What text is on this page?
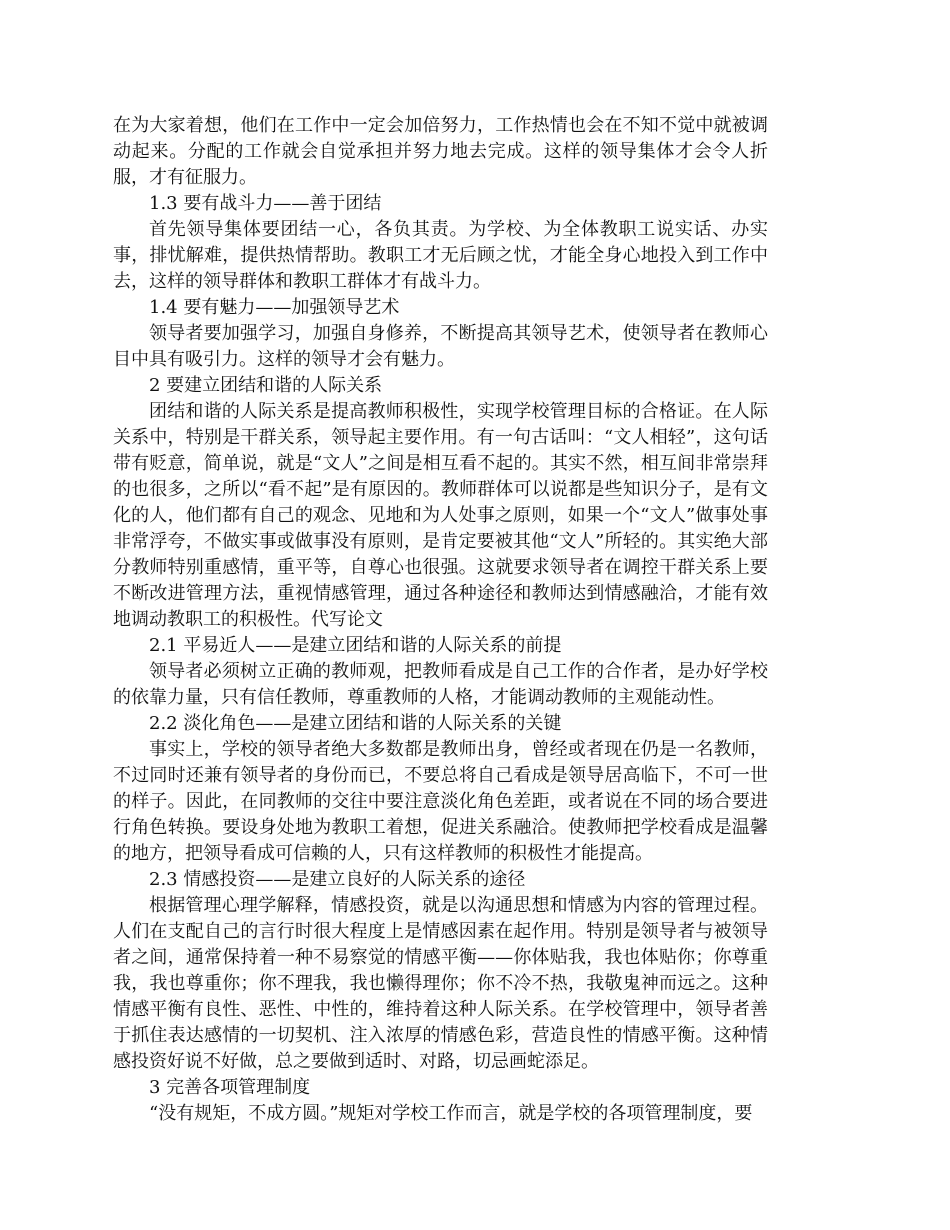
在为大家着想，他们在工作中一定会加倍努力，工作热情也会在不知不觉中就被调动起来。分配的工作就会自觉承担并努力地去完成。这样的领导集体才会令人折服，才有征服力。

1.3 要有战斗力——善于团结

首先领导集体要团结一心，各负其责。为学校、为全体教职工说实话、办实事，排忧解难，提供热情帮助。教职工才无后顾之忧，才能全身心地投入到工作中去，这样的领导群体和教职工群体才有战斗力。

1.4 要有魅力——加强领导艺术

领导者要加强学习，加强自身修养，不断提高其领导艺术，使领导者在教师心目中具有吸引力。这样的领导才会有魅力。

2 要建立团结和谐的人际关系

团结和谐的人际关系是提高教师积极性，实现学校管理目标的合格证。在人际关系中，特别是干群关系，领导起主要作用。有一句古话叫：“文人相轻”，这句话带有贬意，简单说，就是“文人”之间是相互看不起的。其实不然，相互间非常崇拜的也很多，之所以“看不起”是有原因的。教师群体可以说都是些知识分子，是有文化的人，他们都有自己的观念、见地和为人处事之原则，如果一个“文人”做事处事非常浮夸，不做实事或做事没有原则，是肯定要被其他“文人”所轻的。其实绝大部分教师特别重感情，重平等，自尊心也很强。这就要求领导者在调控干群关系上要不断改进管理方法，重视情感管理，通过各种途径和教师达到情感融洽，才能有效地调动教职工的积极性。代写论文

2.1 平易近人——是建立团结和谐的人际关系的前提

领导者必须树立正确的教师观，把教师看成是自己工作的合作者，是办好学校的依靠力量，只有信任教师，尊重教师的人格，才能调动教师的主观能动性。

2.2 淡化角色——是建立团结和谐的人际关系的关键

事实上，学校的领导者绝大多数都是教师出身，曾经或者现在仍是一名教师，不过同时还兼有领导者的身份而已，不要总将自己看成是领导居高临下，不可一世的样子。因此，在同教师的交往中要注意淡化角色差距，或者说在不同的场合要进行角色转换。要设身处地为教职工着想，促进关系融洽。使教师把学校看成是温馨的地方，把领导看成可信赖的人，只有这样教师的积极性才能提高。

2.3 情感投资——是建立良好的人际关系的途径

根据管理心理学解释，情感投资，就是以沟通思想和情感为内容的管理过程。人们在支配自己的言行时很大程度上是情感因素在起作用。特别是领导者与被领导者之间，通常保持着一种不易察觉的情感平衡——你体贴我，我也体贴你；你尊重我，我也尊重你；你不理我，我也懒得理你；你不冷不热，我敬鬼神而远之。这种情感平衡有良性、恶性、中性的，维持着这种人际关系。在学校管理中，领导者善于抓住表达感情的一切契机、注入浓厚的情感色彩，营造良性的情感平衡。这种情感投资好说不好做，总之要做到适时、对路，切忌画蛇添足。

3 完善各项管理制度

“没有规矩，不成方圆。”规矩对学校工作而言，就是学校的各项管理制度，要
